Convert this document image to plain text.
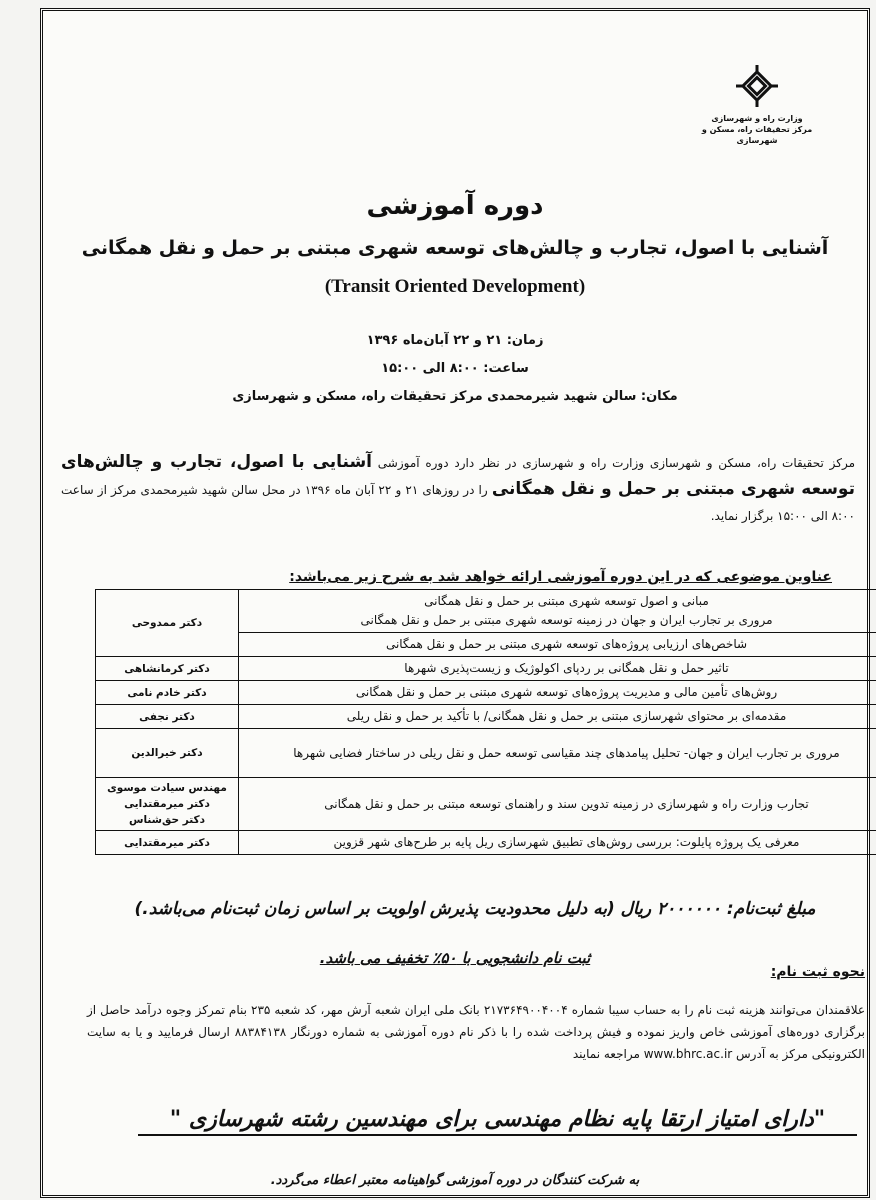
وزارت راه و شهرسازی
مرکز تحقیقات راه، مسکن و شهرسازی
دوره آموزشی
آشنایی با اصول، تجارب و چالش‌های توسعه شهری مبتنی بر حمل و نقل همگانی
(Transit Oriented Development)
زمان: ۲۱ و ۲۲ آبان‌ماه ۱۳۹۶
ساعت: ۸:۰۰ الی ۱۵:۰۰
مکان: سالن شهید شیرمحمدی مرکز تحقیقات راه، مسکن و شهرسازی
مرکز تحقیقات راه، مسکن و شهرسازی وزارت راه و شهرسازی در نظر دارد دوره آموزشی آشنایی با اصول، تجارب و چالش‌های توسعه شهری مبتنی بر حمل و نقل همگانی را در روزهای ۲۱ و ۲۲ آبان ماه ۱۳۹۶ در محل سالن شهید شیرمحمدی مرکز از ساعت ۸:۰۰ الی ۱۵:۰۰ برگزار نماید.
عناوین موضوعی که در این دوره آموزشی ارائه خواهد شد به شرح زیر می‌باشد:
مبانی و اصول توسعه شهری مبتنی بر حمل و نقل همگانی
مروری بر تجارب ایران و جهان در زمینه توسعه شهری مبتنی بر حمل و نقل همگانی	دکتر ممدوحی
شاخص‌های ارزیابی پروژه‌های توسعه شهری مبتنی بر حمل و نقل همگانی	
تاثیر حمل و نقل همگانی بر ردپای اکولوژیک و زیست‌پذیری شهرها	دکتر کرمانشاهی
روش‌های تأمین مالی و مدیریت پروژه‌های توسعه شهری مبتنی بر حمل و نقل همگانی	دکتر خادم نامی
مقدمه‌ای بر محتوای شهرسازی مبتنی بر حمل و نقل همگانی/ با تأکید بر حمل و نقل ریلی	دکتر نجفی
مروری بر تجارب ایران و جهان- تحلیل پیامدهای چند مقیاسی توسعه حمل و نقل ریلی در ساختار فضایی شهرها	دکتر خیرالدین
تجارب وزارت راه و شهرسازی در زمینه تدوین سند و راهنمای توسعه مبتنی بر حمل و نقل همگانی	مهندس سیادت موسوی
دکتر میرمقتدایی
دکتر حق‌شناس
معرفی یک پروژه پایلوت: بررسی روش‌های تطبیق شهرسازی ریل پایه بر طرح‌های شهر قزوین	دکتر میرمقتدایی
مبلغ ثبت‌نام: ۲۰۰۰۰۰۰ ریال (به دلیل محدودیت پذیرش اولویت بر اساس زمان ثبت‌نام می‌باشد.)
ثبت نام دانشجویی با ۵۰٪ تخفیف می باشد.
نحوه ثبت نام:
علاقمندان می‌توانند هزینه ثبت نام را به حساب سیبا شماره ۲۱۷۳۶۴۹۰۰۴۰۰۴ بانک ملی ایران شعبه آرش مهر، کد شعبه ۲۳۵ بنام تمرکز وجوه درآمد حاصل از برگزاری دوره‌های آموزشی خاص واریز نموده و فیش پرداخت شده را با ذکر نام دوره آموزشی به شماره دورنگار ۸۸۳۸۴۱۳۸ ارسال فرمایید و یا به سایت الکترونیکی مرکز به آدرس www.bhrc.ac.ir مراجعه نمایند
"دارای امتیاز ارتقا پایه نظام مهندسی برای مهندسین رشته شهرسازی "
به شرکت کنندگان در دوره آموزشی گواهینامه معتبر اعطاء می‌گردد.
